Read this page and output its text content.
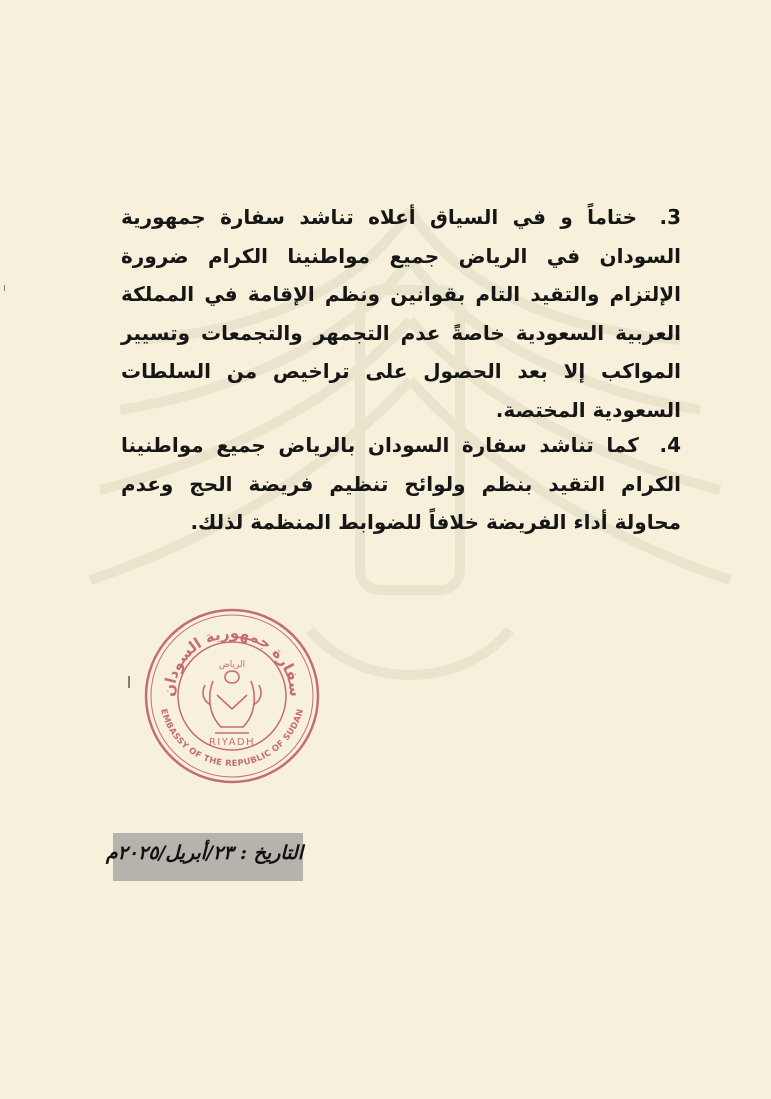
3. ختاماً و في السياق أعلاه تناشد سفارة جمهورية السودان في الرياض جميع مواطنينا الكرام ضرورة الإلتزام والتقيد التام بقوانين ونظم الإقامة في المملكة العربية السعودية خاصةً عدم التجمهر والتجمعات وتسيير المواكب إلا بعد الحصول على تراخيص من السلطات السعودية المختصة.
4. كما تناشد سفارة السودان بالرياض جميع مواطنينا الكرام التقيد بنظم ولوائح تنظيم فريضة الحج وعدم محاولة أداء الفريضة خلافاً للضوابط المنظمة لذلك.
سفارة جمهورية السودان
EMBASSY OF THE REPUBLIC OF SUDAN
الرياض
RIYADH
التاريخ : ٢٣/أبريل/٢٠٢٥م
